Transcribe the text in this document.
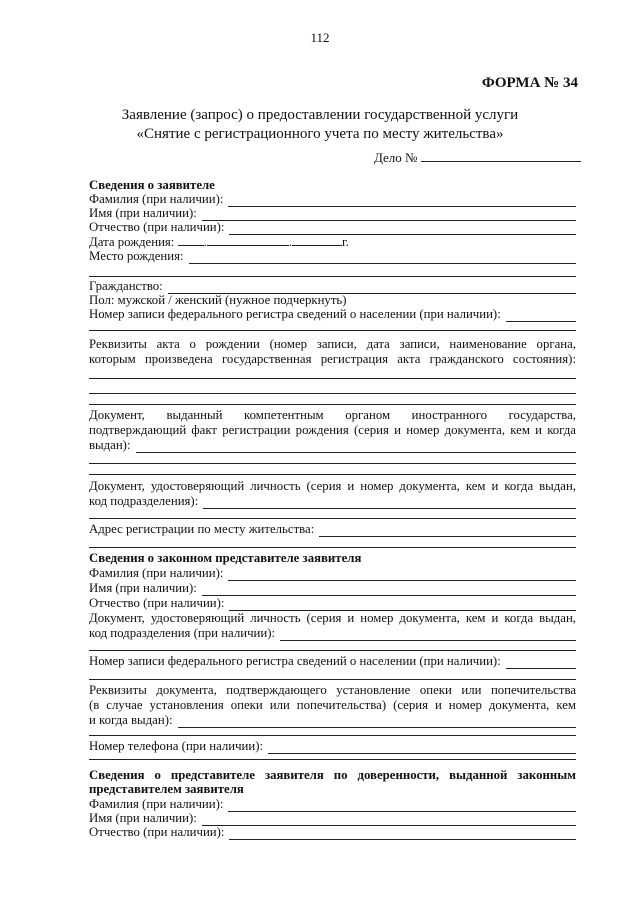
112
ФОРМА № 34
Заявление (запрос) о предоставлении государственной услуги
«Снятие с регистрационного учета по месту жительства»
Дело №
Сведения о заявителе
Фамилия (при наличии):
Имя (при наличии):
Отчество (при наличии):
Дата рождения: .	.	г.
Место рождения:
Гражданство:
Пол: мужской / женский (нужное подчеркнуть)
Номер записи федерального регистра сведений о населении (при наличии):
Реквизиты акта о рождении (номер записи, дата записи, наименование органа,
которым произведена государственная регистрация акта гражданского состояния):
Документ, выданный компетентным органом иностранного государства,
подтверждающий факт регистрации рождения (серия и номер документа, кем и когда
выдан):
Документ, удостоверяющий личность (серия и номер документа, кем и когда выдан,
код подразделения):
Адрес регистрации по месту жительства:
Сведения о законном представителе заявителя
Фамилия (при наличии):
Имя (при наличии):
Отчество (при наличии):
Документ, удостоверяющий личность (серия и номер документа, кем и когда выдан,
код подразделения (при наличии):
Номер записи федерального регистра сведений о населении (при наличии):
Реквизиты документа, подтверждающего установление опеки или попечительства
(в случае установления опеки или попечительства) (серия и номер документа, кем
и когда выдан):
Номер телефона (при наличии):
Сведения о представителе заявителя по доверенности, выданной законным
представителем заявителя
Фамилия (при наличии):
Имя (при наличии):
Отчество (при наличии):
